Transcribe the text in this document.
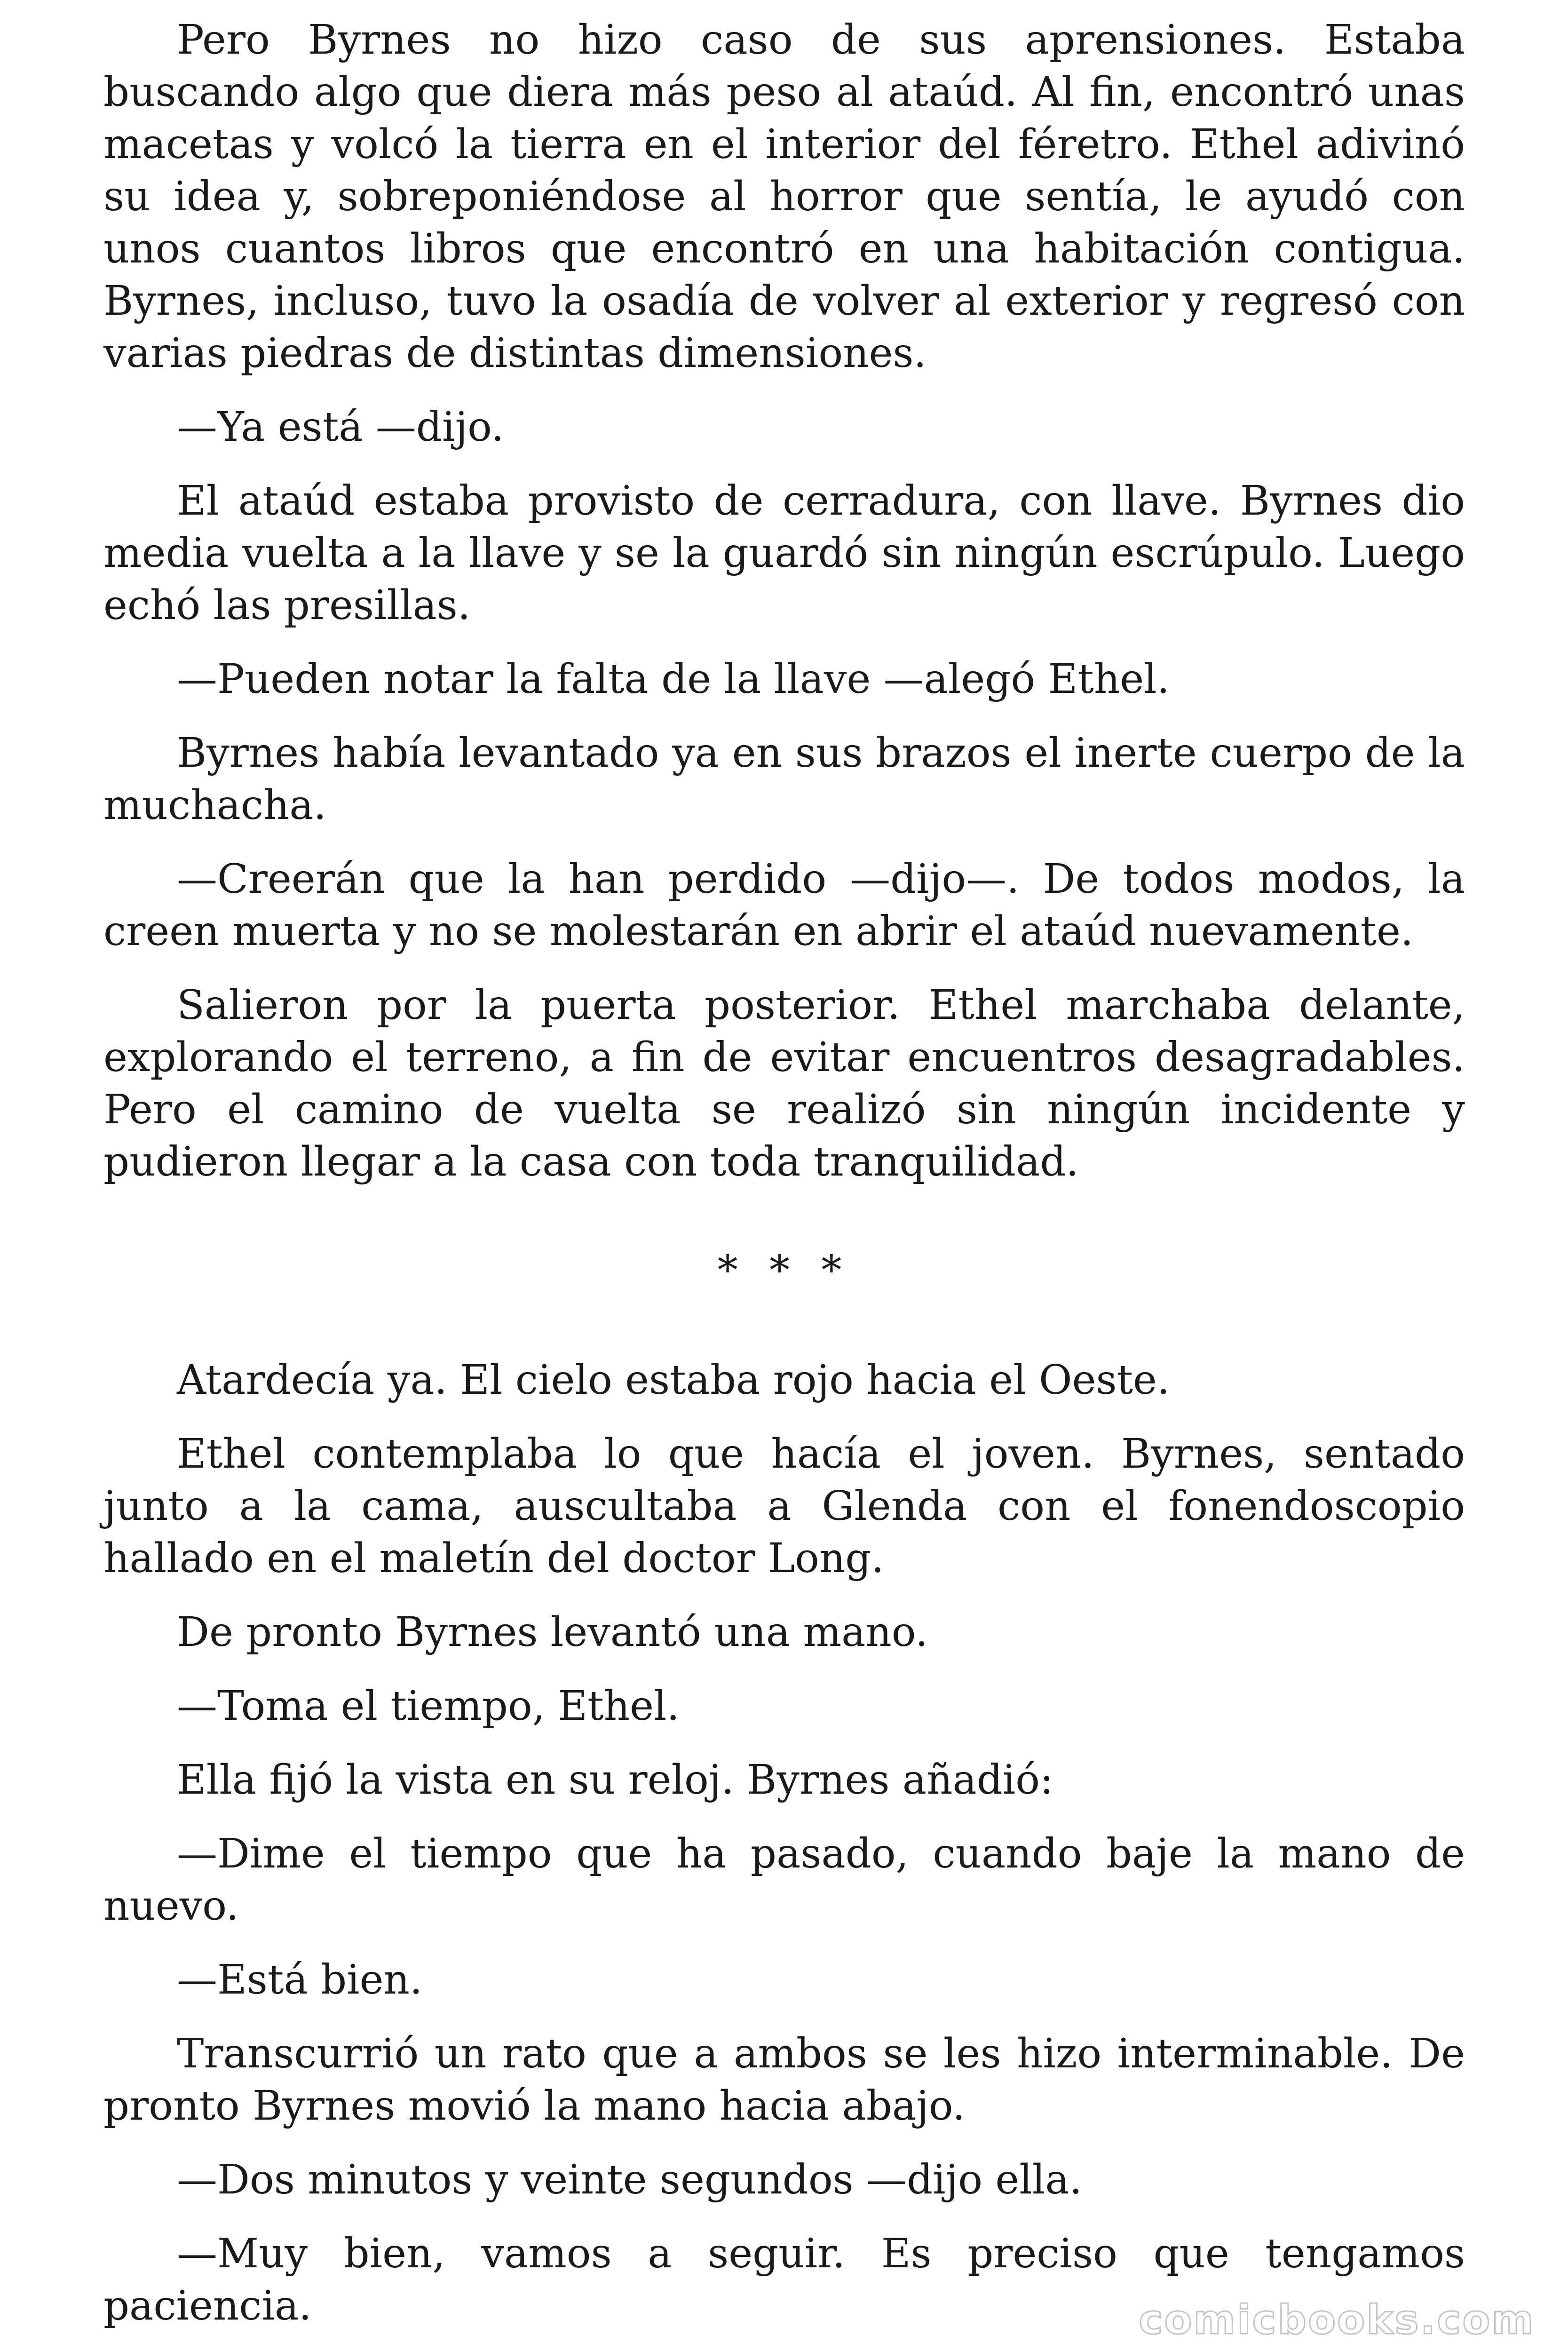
Pero Byrnes no hizo caso de sus aprensiones. Estaba buscando algo que diera más peso al ataúd. Al fin, encontró unas macetas y volcó la tierra en el interior del féretro. Ethel adivinó su idea y, sobreponiéndose al horror que sentía, le ayudó con unos cuantos libros que encontró en una habitación contigua. Byrnes, incluso, tuvo la osadía de volver al exterior y regresó con varias piedras de distintas dimensiones.

—Ya está —dijo.

El ataúd estaba provisto de cerradura, con llave. Byrnes dio media vuelta a la llave y se la guardó sin ningún escrúpulo. Luego echó las presillas.

—Pueden notar la falta de la llave —alegó Ethel.

Byrnes había levantado ya en sus brazos el inerte cuerpo de la muchacha.

—Creerán que la han perdido —dijo—. De todos modos, la creen muerta y no se molestarán en abrir el ataúd nuevamente.

Salieron por la puerta posterior. Ethel marchaba delante, explorando el terreno, a fin de evitar encuentros desagradables. Pero el camino de vuelta se realizó sin ningún incidente y pudieron llegar a la casa con toda tranquilidad.

* * *

Atardecía ya. El cielo estaba rojo hacia el Oeste.

Ethel contemplaba lo que hacía el joven. Byrnes, sentado junto a la cama, auscultaba a Glenda con el fonendoscopio hallado en el maletín del doctor Long.

De pronto Byrnes levantó una mano.

—Toma el tiempo, Ethel.

Ella fijó la vista en su reloj. Byrnes añadió:

—Dime el tiempo que ha pasado, cuando baje la mano de nuevo.

—Está bien.

Transcurrió un rato que a ambos se les hizo interminable. De pronto Byrnes movió la mano hacia abajo.

—Dos minutos y veinte segundos —dijo ella.

—Muy bien, vamos a seguir. Es preciso que tengamos paciencia.	comicbooks.com
